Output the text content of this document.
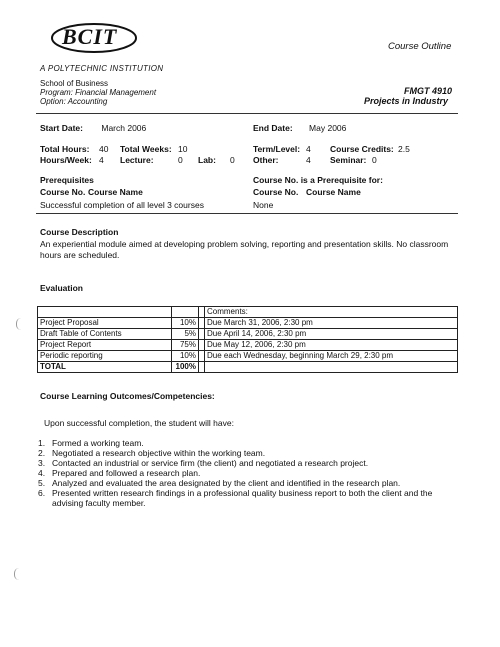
BCIT
A POLYTECHNIC INSTITUTION
Course Outline
School of Business
Program: Financial Management
Option: Accounting
FMGT 4910
Projects in Industry
Start Date: March 2006	End Date: May 2006
Total Hours: 40 Total Weeks: 10	Term/Level: 4 Course Credits: 2.5
Hours/Week: 4 Lecture:	0 Lab: 0 Other:	4 Seminar: 0
Prerequisites	Course No. is a Prerequisite for:
Course No. Course Name	Course No. Course Name
Successful completion of all level 3 courses	None
Course Description
An experiential module aimed at developing problem solving, reporting and presentation skills. No classroom hours are scheduled.
Evaluation
			Comments:
Project Proposal	10%		Due March 31, 2006, 2:30 pm
Draft Table of Contents	5%		Due April 14, 2006, 2:30 pm
Project Report	75%		Due May 12, 2006, 2:30 pm
Periodic reporting	10%		Due each Wednesday, beginning March 29, 2:30 pm
TOTAL	100%		
Course Learning Outcomes/Competencies:
Upon successful completion, the student will have:
1. Formed a working team.
2. Negotiated a research objective within the working team.
3. Contacted an industrial or service firm (the client) and negotiated a research project.
4. Prepared and followed a research plan.
5. Analyzed and evaluated the area designated by the client and identified in the research plan.
6. Presented written research findings in a professional quality business report to both the client and the advising faculty member.
